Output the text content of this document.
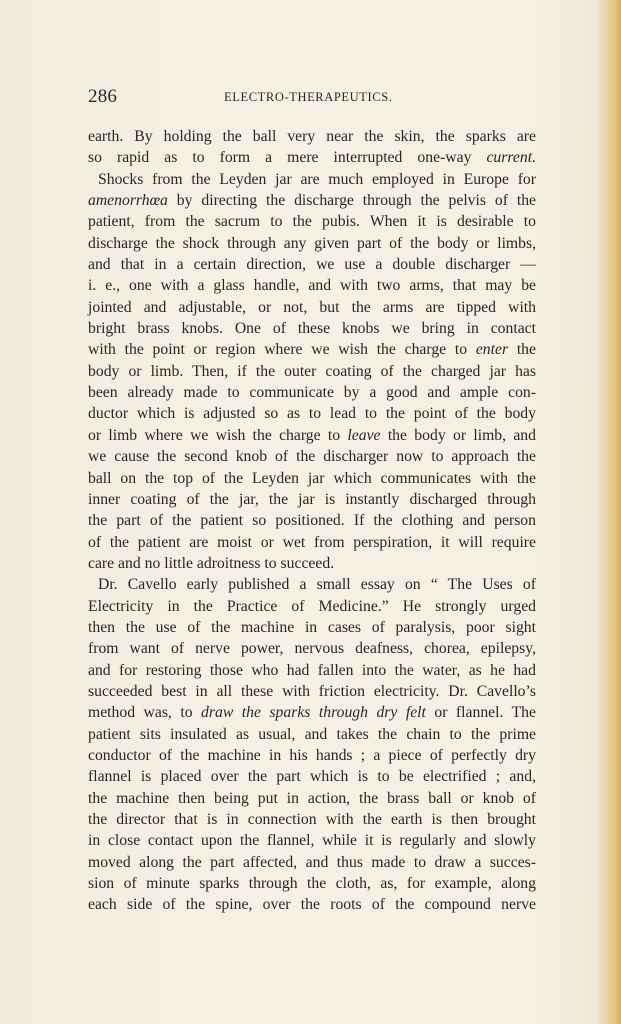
286	ELECTRO-THERAPEUTICS.
earth. By holding the ball very near the skin, the sparks are
so rapid as to form a mere interrupted one-way current.
Shocks from the Leyden jar are much employed in Europe for
amenorrhœa by directing the discharge through the pelvis of the
patient, from the sacrum to the pubis. When it is desirable to
discharge the shock through any given part of the body or limbs,
and that in a certain direction, we use a double discharger —
i. e., one with a glass handle, and with two arms, that may be
jointed and adjustable, or not, but the arms are tipped with
bright brass knobs. One of these knobs we bring in contact
with the point or region where we wish the charge to enter the
body or limb. Then, if the outer coating of the charged jar has
been already made to communicate by a good and ample con-
ductor which is adjusted so as to lead to the point of the body
or limb where we wish the charge to leave the body or limb, and
we cause the second knob of the discharger now to approach the
ball on the top of the Leyden jar which communicates with the
inner coating of the jar, the jar is instantly discharged through
the part of the patient so positioned. If the clothing and person
of the patient are moist or wet from perspiration, it will require
care and no little adroitness to succeed.
Dr. Cavello early published a small essay on “ The Uses of
Electricity in the Practice of Medicine.” He strongly urged
then the use of the machine in cases of paralysis, poor sight
from want of nerve power, nervous deafness, chorea, epilepsy,
and for restoring those who had fallen into the water, as he had
succeeded best in all these with friction electricity. Dr. Cavello’s
method was, to draw the sparks through dry felt or flannel. The
patient sits insulated as usual, and takes the chain to the prime
conductor of the machine in his hands ; a piece of perfectly dry
flannel is placed over the part which is to be electrified ; and,
the machine then being put in action, the brass ball or knob of
the director that is in connection with the earth is then brought
in close contact upon the flannel, while it is regularly and slowly
moved along the part affected, and thus made to draw a succes-
sion of minute sparks through the cloth, as, for example, along
each side of the spine, over the roots of the compound nerve
